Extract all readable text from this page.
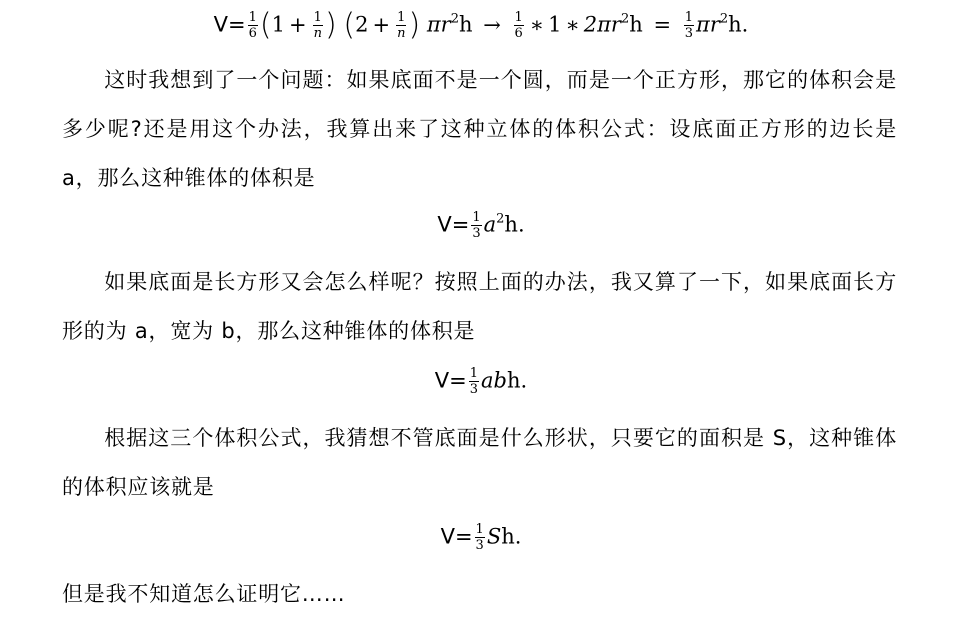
$V= \frac{1}{6} (1 + \frac{1}{n}$ ) ($2 + \frac{1}{n}$ ) $\pi r^2h \to \frac{1}{6}$ ∗ 1 ∗ $2\pi r^2h = \frac{1}{3} \pi r^2h$.

这时我想到了一个问题：如果底面不是一个圆，而是一个正方形，那它的体积会是多少呢?还是用这个办法，我算出来了这种立体的体积公式：设底面正方形的边长是 a，那么这种锥体的体积是

$V= \frac{1}{3} a^2h$.

如果底面是长方形又会怎么样呢？按照上面的办法，我又算了一下，如果底面长方形的为 a，宽为 b，那么这种锥体的体积是

$V= \frac{1}{3}$ abh.

根据这三个体积公式，我猜想不管底面是什么形状，只要它的面积是 S，这种锥体的体积应该就是

$V= \frac{1}{3} Sh$.

但是我不知道怎么证明它……
